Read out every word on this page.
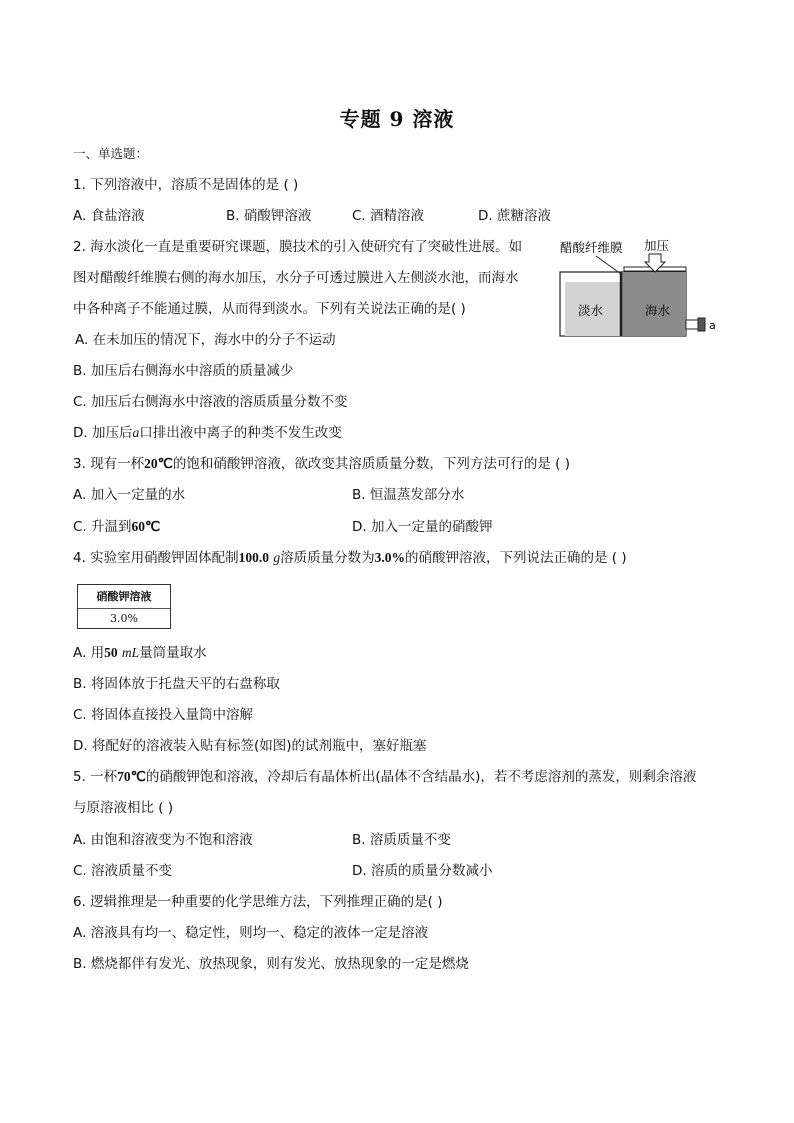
专题 9 溶液
一、单选题：
1. 下列溶液中，溶质不是固体的是 ( )
A. 食盐溶液	B. 硝酸钾溶液	C. 酒精溶液	D. 蔗糖溶液
2. 海水淡化一直是重要研究课题，膜技术的引入使研究有了突破性进展。如
图对醋酸纤维膜右侧的海水加压，水分子可透过膜进入左侧淡水池，而海水
中各种离子不能通过膜，从而得到淡水。下列有关说法正确的是( )
醋酸纤维膜 加压
淡水	海水
a
A. 在未加压的情况下，海水中的分子不运动
B. 加压后右侧海水中溶质的质量减少
C. 加压后右侧海水中溶液的溶质质量分数不变
D. 加压后a口排出液中离子的种类不发生改变
3. 现有一杯20℃的饱和硝酸钾溶液，欲改变其溶质质量分数，下列方法可行的是 ( )
A. 加入一定量的水	B. 恒温蒸发部分水
C. 升温到60℃	D. 加入一定量的硝酸钾
4. 实验室用硝酸钾固体配制100.0 g溶质质量分数为3.0%的硝酸钾溶液，下列说法正确的是 ( )
硝酸钾溶液
3.0%
A. 用50 mL量筒量取水
B. 将固体放于托盘天平的右盘称取
C. 将固体直接投入量筒中溶解
D. 将配好的溶液装入贴有标签(如图)的试剂瓶中，塞好瓶塞
5. 一杯70℃的硝酸钾饱和溶液，冷却后有晶体析出(晶体不含结晶水)，若不考虑溶剂的蒸发，则剩余溶液
与原溶液相比 ( )
A. 由饱和溶液变为不饱和溶液	B. 溶质质量不变
C. 溶液质量不变	D. 溶质的质量分数减小
6. 逻辑推理是一种重要的化学思维方法，下列推理正确的是( )
A. 溶液具有均一、稳定性，则均一、稳定的液体一定是溶液
B. 燃烧都伴有发光、放热现象，则有发光、放热现象的一定是燃烧
